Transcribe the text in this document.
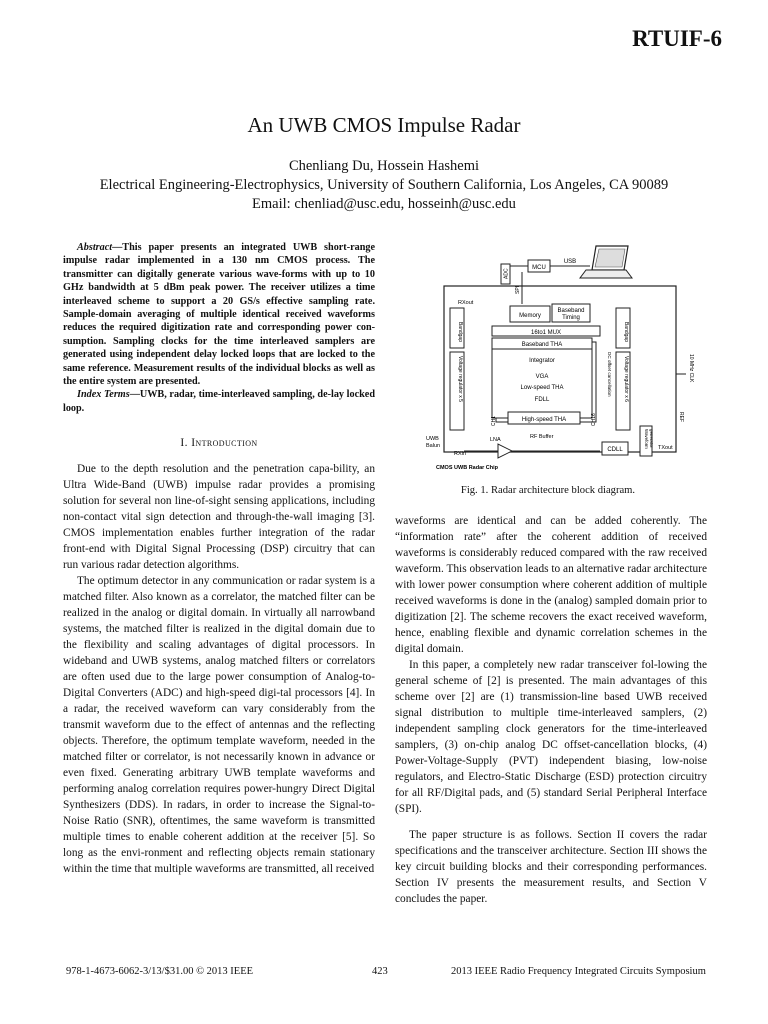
RTUIF-6
An UWB CMOS Impulse Radar
Chenliang Du, Hossein Hashemi
Electrical Engineering-Electrophysics, University of Southern California, Los Angeles, CA 90089
Email: chenliad@usc.edu, hosseinh@usc.edu

Abstract—This paper presents an integrated UWB short-range impulse radar implemented in a 130 nm CMOS process. The transmitter can digitally generate various wave-forms with up to 10 GHz bandwidth at 5 dBm peak power. The receiver utilizes a time interleaved scheme to support a 20 GS/s effective sampling rate. Sample-domain averaging of multiple identical received waveforms reduces the required digitization rate and corresponding power con-sumption. Sampling clocks for the time interleaved samplers are generated using independent delay locked loops that are locked to the same reference. Measurement results of the individual blocks as well as the entire system are presented.

Index Terms—UWB, radar, time-interleaved sampling, de-lay locked loop.

I. Introduction

Due to the depth resolution and the penetration capa-bility, an Ultra Wide-Band (UWB) impulse radar provides a promising solution for several non line-of-sight sensing applications, including non-contact vital sign detection and through-the-wall imaging [3]. CMOS implementation enables further integration of the radar front-end with Digital Signal Processing (DSP) circuitry that can run various radar detection algorithms.

The optimum detector in any communication or radar system is a matched filter. Also known as a correlator, the matched filter can be realized in the analog or digital domain. In virtually all narrowband systems, the matched filter is realized in the digital domain due to the flexibility and scaling advantages of digital processors. In wideband and UWB systems, analog matched filters or correlators are often used due to the large power consumption of Analog-to-Digital Converters (ADC) and high-speed digi-tal processors [4]. In a radar, the received waveform can vary considerably from the transmit waveform due to the effect of antennas and the reflecting objects. Therefore, the optimum template waveform, needed in the matched filter or correlator, is not necessarily known in advance or even fixed. Generating arbitrary UWB template waveforms and performing analog correlation requires power-hungry Direct Digital Synthesizers (DDS). In radars, in order to increase the Signal-to-Noise Ratio (SNR), oftentimes, the same waveform is transmitted multiple times to enable coherent addition at the receiver [5]. So long as the envi-ronment and reflecting objects remain stationary within the time that multiple waveforms are transmitted, all received

MCU
USB
ADC
SPI
RXout
Memory
Baseband
Timing
16to1 MUX
Bandgap
Voltage regulator x 5
Bandgap
Voltage regulator x 6
Baseband THA
Integrator
VGA
Low-speed THA
FDLL
High-speed THA
CH1	CH16
DC offset cancellation	10 MHz CLK
REF
UWB
Balun
RXin
LNA	RF Buffer
CDLL
Waveform generator
TXout
CMOS UWB Radar Chip
Fig. 1. Radar architecture block diagram.

waveforms are identical and can be added coherently. The “information rate” after the coherent addition of received waveforms is considerably reduced compared with the raw received waveform. This observation leads to an alternative radar architecture with lower power consumption where coherent addition of multiple received waveforms is done in the (analog) sampled domain prior to digitization [2]. The scheme recovers the exact received waveform, hence, enabling flexible and dynamic correlation schemes in the digital domain.

In this paper, a completely new radar transceiver fol-lowing the general scheme of [2] is presented. The main advantages of this scheme over [2] are (1) transmission-line based UWB received signal distribution to multiple time-interleaved samplers, (2) independent sampling clock generators for the time-interleaved samplers, (3) on-chip analog DC offset-cancellation blocks, (4) Power-Voltage-Supply (PVT) independent biasing, low-noise regulators, and Electro-Static Discharge (ESD) protection circuitry for all RF/Digital pads, and (5) standard Serial Peripheral Interface (SPI).

The paper structure is as follows. Section II covers the radar specifications and the transceiver architecture. Section III shows the key circuit building blocks and their corresponding performances. Section IV presents the measurement results, and Section V concludes the paper.

978-1-4673-6062-3/13/$31.00 © 2013 IEEE	423	2013 IEEE Radio Frequency Integrated Circuits Symposium
